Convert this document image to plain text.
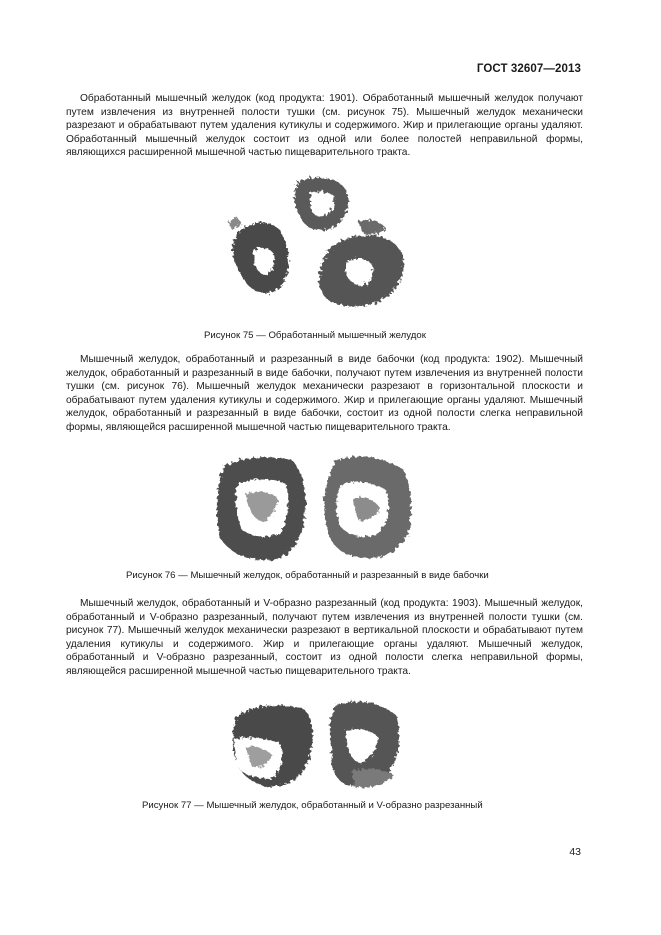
ГОСТ 32607—2013

Обработанный мышечный желудок (код продукта: 1901). Обработанный мышечный желудок получают путем извлечения из внутренней полости тушки (см. рисунок 75). Мышечный желудок механически разрезают и обрабатывают путем удаления кутикулы и содержимого. Жир и прилегающие органы удаляют. Обработанный мышечный желудок состоит из одной или более полостей неправильной формы, являющихся расширенной мышечной частью пищеварительного тракта.

Рисунок 75 — Обработанный мышечный желудок

Мышечный желудок, обработанный и разрезанный в виде бабочки (код продукта: 1902). Мышечный желудок, обработанный и разрезанный в виде бабочки, получают путем извлечения из внутренней полости тушки (см. рисунок 76). Мышечный желудок механически разрезают в горизонтальной плоскости и обрабатывают путем удаления кутикулы и содержимого. Жир и прилегающие органы удаляют. Мышечный желудок, обработанный и разрезанный в виде бабочки, состоит из одной полости слегка неправильной формы, являющейся расширенной мышечной частью пищеварительного тракта.

Рисунок 76 — Мышечный желудок, обработанный и разрезанный в виде бабочки

Мышечный желудок, обработанный и V-образно разрезанный (код продукта: 1903). Мышечный желудок, обработанный и V-образно разрезанный, получают путем извлечения из внутренней полости тушки (см. рисунок 77). Мышечный желудок механически разрезают в вертикальной плоскости и обрабатывают путем удаления кутикулы и содержимого. Жир и прилегающие органы удаляют. Мышечный желудок, обработанный и V-образно разрезанный, состоит из одной полости слегка неправильной формы, являющейся расширенной мышечной частью пищеварительного тракта.

Рисунок 77 — Мышечный желудок, обработанный и V-образно разрезанный
43
